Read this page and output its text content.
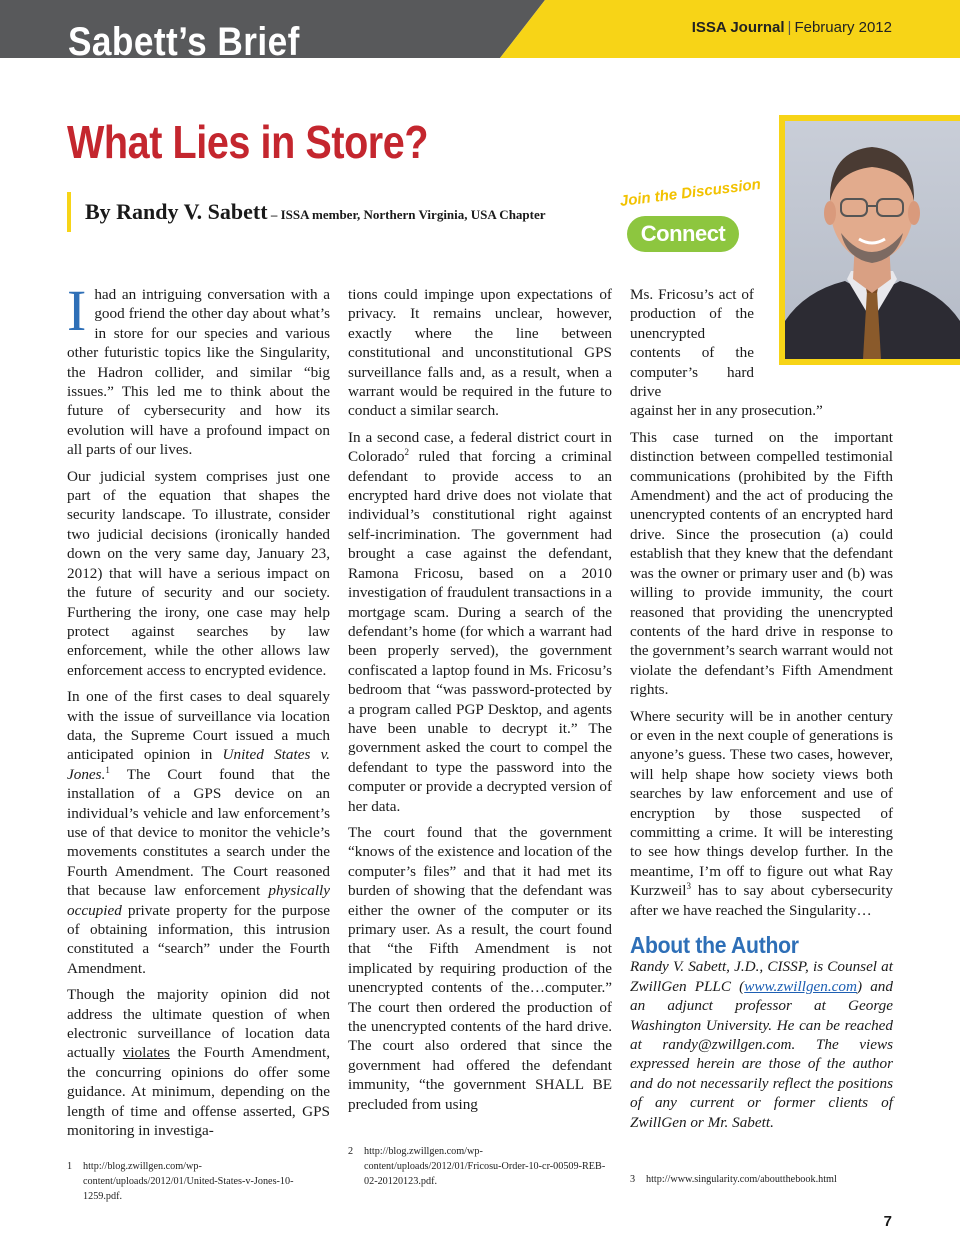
Sabett’s Brief	ISSA Journal | February 2012
What Lies in Store?
By Randy V. Sabett – ISSA member, Northern Virginia, USA Chapter
Join the Discussion
Connect

Ihad an intriguing conversation with a good friend the other day about what’s in store for our species and various other futuristic topics like the Singularity, the Hadron collider, and similar “big issues.” This led me to think about the future of cybersecurity and how its evolution will have a profound impact on all parts of our lives.

Our judicial system comprises just one part of the equation that shapes the security landscape. To illustrate, consider two judicial decisions (ironically handed down on the very same day, January 23, 2012) that will have a serious impact on the future of security and our society. Furthering the irony, one case may help protect against searches by law enforcement, while the other allows law enforcement access to encrypted evidence.

In one of the first cases to deal squarely with the issue of surveillance via location data, the Supreme Court issued a much anticipated opinion in United States v. Jones.$^1$ The Court found that the installation of a GPS device on an individual’s vehicle and law enforcement’s use of that device to monitor the vehicle’s movements constitutes a search under the Fourth Amendment. The Court reasoned that because law enforcement physically occupied private property for the purpose of obtaining information, this intrusion constituted a “search” under the Fourth Amendment.

Though the majority opinion did not address the ultimate question of when electronic surveillance of location data actually violates the Fourth Amendment, the concurring opinions do offer some guidance. At minimum, depending on the length of time and offense asserted, GPS monitoring in investiga-

tions could impinge upon expectations of privacy. It remains unclear, however, exactly where the line between constitutional and unconstitutional GPS surveillance falls and, as a result, when a warrant would be required in the future to conduct a similar search.

In a second case, a federal district court in Colorado$^2$ ruled that forcing a criminal defendant to provide access to an encrypted hard drive does not violate that individual’s constitutional right against self-incrimination. The government had brought a case against the defendant, Ramona Fricosu, based on a 2010 investigation of fraudulent transactions in a mortgage scam. During a search of the defendant’s home (for which a warrant had been properly served), the government confiscated a laptop found in Ms. Fricosu’s bedroom that “was password-protected by a program called PGP Desktop, and agents have been unable to decrypt it.” The government asked the court to compel the defendant to type the password into the computer or provide a decrypted version of her data.

The court found that the government “knows of the existence and location of the computer’s files” and that it had met its burden of showing that the defendant was either the owner of the computer or its primary user. As a result, the court found that “the Fifth Amendment is not implicated by requiring production of the unencrypted contents of the…computer.” The court then ordered the production of the unencrypted contents of the hard drive. The court also ordered that since the government had offered the defendant immunity, “the government SHALL BE precluded from using

Ms. Fricosu’s act of production of the unencrypted contents of the computer’s hard drive
against her in any prosecution.”

This case turned on the important distinction between compelled testimonial communications (prohibited by the Fifth Amendment) and the act of producing the unencrypted contents of an encrypted hard drive. Since the prosecution (a) could establish that they knew that the defendant was the owner or primary user and (b) was willing to provide immunity, the court reasoned that providing the unencrypted contents of the hard drive in response to the government’s search warrant would not violate the defendant’s Fifth Amendment rights.

Where security will be in another century or even in the next couple of generations is anyone’s guess. These two cases, however, will help shape how society views both searches by law enforcement and use of encryption by those suspected of committing a crime. It will be interesting to see how things develop further. In the meantime, I’m off to figure out what Ray Kurzweil$^3$ has to say about cybersecurity after we have reached the Singularity…

About the Author

Randy V. Sabett, J.D., CISSP, is Counsel at ZwillGen PLLC (www.zwillgen.com) and an adjunct professor at George Washington University. He can be reached at randy@zwillgen.com. The views expressed herein are those of the author and do not necessarily reflect the positions of any current or former clients of ZwillGen or Mr. Sabett.

1	http://blog.zwillgen.com/wp-content/uploads/2012/01/United-States-v-Jones-10-1259.pdf.
2	http://blog.zwillgen.com/wp-content/uploads/2012/01/Fricosu-Order-10-cr-00509-REB-02-20120123.pdf.	3	http://www.singularity.com/aboutthebook.html
7
